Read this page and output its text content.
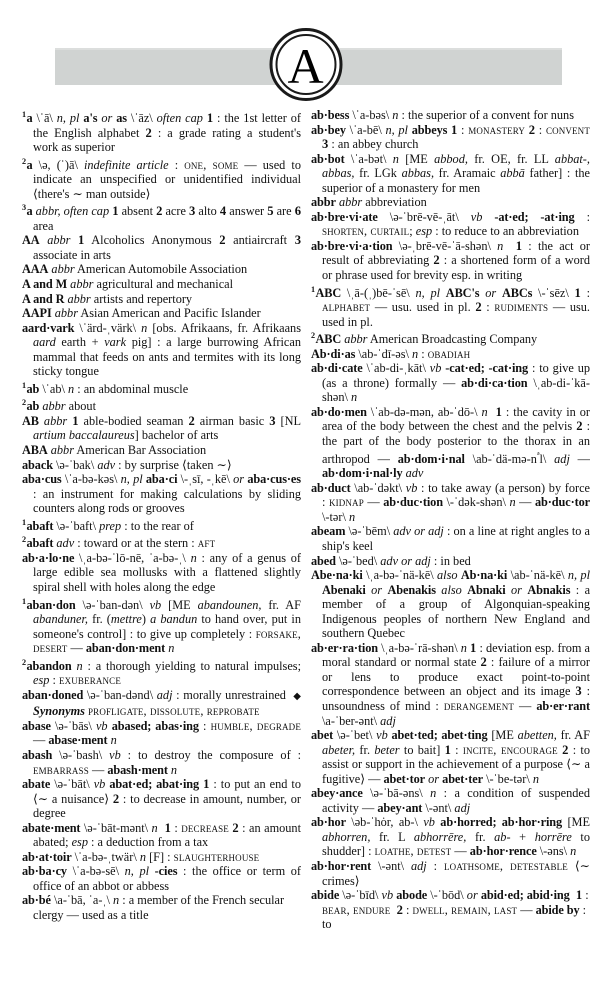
A

$^1$a \ˈā\ n, pl a's or as \ˈāz\ often cap 1 : the 1st letter of the English alphabet 2 : a grade rating a student's work as superior

$^2$a \ə, (ˈ)ā\ indefinite article : one, some — used to indicate an unspecified or unidentified individual ⟨there's ∼ man outside⟩

$^3$a abbr, often cap 1 absent 2 acre 3 alto 4 answer 5 are 6 area

AA abbr 1 Alcoholics Anonymous 2 antiaircraft 3 associate in arts

AAA abbr American Automobile Association

A and M abbr agricultural and mechanical

A and R abbr artists and repertory

AAPI abbr Asian American and Pacific Islander

aard·vark \ˈärd-ˌvärk\ n [obs. Afrikaans, fr. Afrikaans aard earth + vark pig] : a large burrowing African mammal that feeds on ants and termites with its long sticky tongue

$^1$ab \ˈab\ n : an abdominal muscle

$^2$ab abbr about

AB abbr 1 able-bodied seaman 2 airman basic 3 [NL artium baccalaureus] bachelor of arts

ABA abbr American Bar Association

aback \ə-ˈbak\ adv : by surprise ⟨taken ∼⟩

aba·cus \ˈa-bə-kəs\ n, pl aba·ci \-ˌsī, -ˌkē\ or aba·cus·es : an instrument for making calculations by sliding counters along rods or grooves

$^1$abaft \ə-ˈbaft\ prep : to the rear of

$^2$abaft adv : toward or at the stern : aft

ab·a·lo·ne \ˌa-bə-ˈlō-nē, ˈa-bə-ˌ\ n : any of a genus of large edible sea mollusks with a flattened slightly spiral shell with holes along the edge

$^1$aban·don \ə-ˈban-dən\ vb [ME abandounen, fr. AF abanduner, fr. (mettre) a bandun to hand over, put in someone's control] : to give up completely : forsake, desert — aban·don·ment n

$^2$abandon n : a thorough yielding to natural impulses; esp : exuberance

aban·doned \ə-ˈban-dənd\ adj : morally unrestrained  ◆ Synonyms profligate, dissolute, reprobate

abase \ə-ˈbās\ vb abased; abas·ing : humble, degrade — abase·ment n

abash \ə-ˈbash\ vb : to destroy the composure of : embarrass — abash·ment n

abate \ə-ˈbāt\ vb abat·ed; abat·ing 1 : to put an end to ⟨∼ a nuisance⟩ 2 : to decrease in amount, number, or degree

abate·ment \ə-ˈbāt-mənt\ n 1 : decrease 2 : an amount abated; esp : a deduction from a tax

ab·at·toir \ˈa-bə-ˌtwär\ n [F] : slaughterhouse

ab·ba·cy \ˈa-bə-sē\ n, pl -cies : the office or term of office of an abbot or abbess

ab·bé \a-ˈbā, ˈa-ˌ\ n : a member of the French secular clergy — used as a title

ab·bess \ˈa-bəs\ n : the superior of a convent for nuns

ab·bey \ˈa-bē\ n, pl abbeys 1 : monastery 2 : convent 3 : an abbey church

ab·bot \ˈa-bət\ n [ME abbod, fr. OE, fr. LL abbat-, abbas, fr. LGk abbas, fr. Aramaic abbā father] : the superior of a monastery for men

abbr abbr abbreviation

ab·bre·vi·ate \ə-ˈbrē-vē-ˌāt\ vb -at·ed; -at·ing : shorten, curtail; esp : to reduce to an abbreviation

ab·bre·vi·a·tion \ə-ˌbrē-vē-ˈā-shən\ n 1 : the act or result of abbreviating 2 : a shortened form of a word or phrase used for brevity esp. in writing

$^1$ABC \ˌā-(ˌ)bē-ˈsē\ n, pl ABC's or ABCs \-ˈsēz\ 1 : alphabet — usu. used in pl. 2 : rudiments — usu. used in pl.

$^2$ABC abbr American Broadcasting Company

Ab·di·as \ab-ˈdī-əs\ n : obadiah

ab·di·cate \ˈab-di-ˌkāt\ vb -cat·ed; -cat·ing : to give up (as a throne) formally — ab·di·ca·tion \ˌab-di-ˈkā-shən\ n

ab·do·men \ˈab-də-mən, ab-ˈdō-\ n 1 : the cavity in or area of the body between the chest and the pelvis 2 : the part of the body posterior to the thorax in an arthropod — ab·dom·i·nal $\backslash ab-ˈdä-mə-n^ᵊl\backslash$ adj — ab·dom·i·nal·ly adv

ab·duct \ab-ˈdəkt\ vb : to take away (a person) by force : kidnap — ab·duc·tion \-ˈdək-shən\ n — ab·duc·tor \-tər\ n

abeam \ə-ˈbēm\ adv or adj : on a line at right angles to a ship's keel

abed \ə-ˈbed\ adv or adj : in bed

Abe·na·ki \ˌa-bə-ˈnä-kē\ also Ab·na·ki \ab-ˈnä-kē\ n, pl Abenaki or Abenakis also Abnaki or Abnakis : a member of a group of Algonquian-speaking Indigenous peoples of northern New England and southern Quebec

ab·er·ra·tion \ˌa-bə-ˈrā-shən\ n 1 : deviation esp. from a moral standard or normal state 2 : failure of a mirror or lens to produce exact point-to-point correspondence between an object and its image 3 : unsoundness of mind : derangement — ab·er·rant \a-ˈber-ənt\ adj

abet \ə-ˈbet\ vb abet·ted; abet·ting [ME abetten, fr. AF abeter, fr. beter to bait] 1 : incite, encourage 2 : to assist or support in the achievement of a purpose ⟨∼ a fugitive⟩ — abet·tor or abet·ter \-ˈbe-tər\ n

abey·ance \ə-ˈbā-əns\ n : a condition of suspended activity — abey·ant \-ənt\ adj

ab·hor \əb-ˈhȯr, ab-\ vb ab·horred; ab·hor·ring [ME abhorren, fr. L abhorrēre, fr. ab- + horrēre to shudder] : loathe, detest — ab·hor·rence \-əns\ n

ab·hor·rent \-ənt\ adj : loathsome, detestable ⟨∼ crimes⟩

abide \ə-ˈbīd\ vb abode \-ˈbōd\ or abid·ed; abid·ing 1 : bear, endure 2 : dwell, remain, last — abide by : to
